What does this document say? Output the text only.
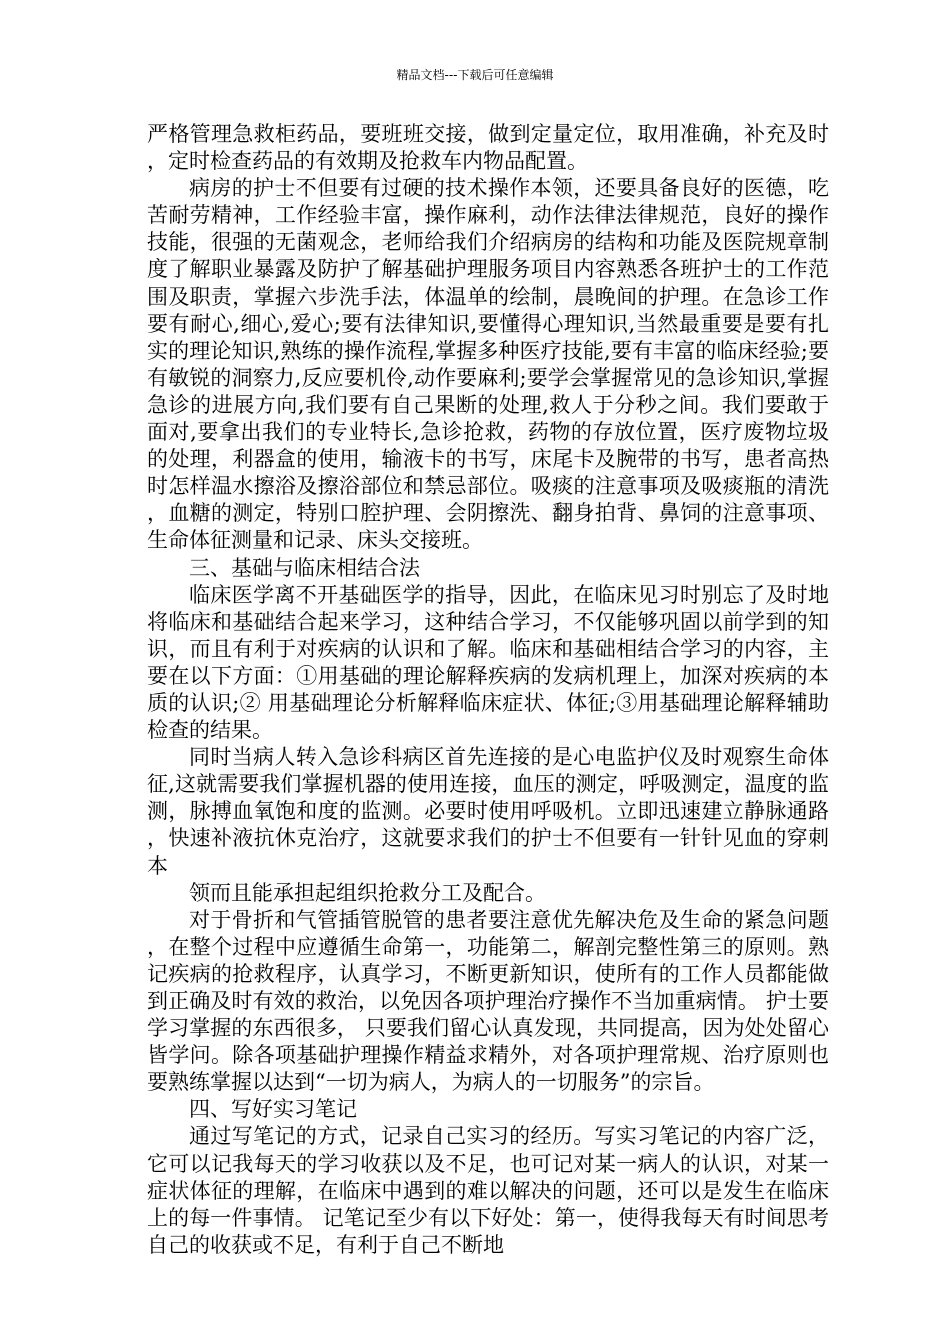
精品文档---下载后可任意编辑

严格管理急救柜药品，要班班交接，做到定量定位，取用准确，补充及时，定时检查药品的有效期及抢救车内物品配置。

病房的护士不但要有过硬的技术操作本领，还要具备良好的医德，吃苦耐劳精神，工作经验丰富，操作麻利，动作法律法律规范，良好的操作技能，很强的无菌观念，老师给我们介绍病房的结构和功能及医院规章制度了解职业暴露及防护了解基础护理服务项目内容熟悉各班护士的工作范围及职责，掌握六步洗手法，体温单的绘制，晨晚间的护理。在急诊工作要有耐心,细心,爱心;要有法律知识,要懂得心理知识,当然最重要是要有扎实的理论知识,熟练的操作流程,掌握多种医疗技能,要有丰富的临床经验;要有敏锐的洞察力,反应要机伶,动作要麻利;要学会掌握常见的急诊知识,掌握急诊的进展方向,我们要有自己果断的处理,救人于分秒之间。我们要敢于面对,要拿出我们的专业特长,急诊抢救，药物的存放位置，医疗废物垃圾的处理，利器盒的使用，输液卡的书写，床尾卡及腕带的书写，患者高热时怎样温水擦浴及擦浴部位和禁忌部位。吸痰的注意事项及吸痰瓶的清洗，血糖的测定，特别口腔护理、会阴擦洗、翻身拍背、鼻饲的注意事项、生命体征测量和记录、床头交接班。

三、基础与临床相结合法

临床医学离不开基础医学的指导，因此，在临床见习时别忘了及时地将临床和基础结合起来学习，这种结合学习，不仅能够巩固以前学到的知识，而且有利于对疾病的认识和了解。临床和基础相结合学习的内容，主要在以下方面：①用基础的理论解释疾病的发病机理上，加深对疾病的本质的认识;② 用基础理论分析解释临床症状、体征;③用基础理论解释辅助检查的结果。

同时当病人转入急诊科病区首先连接的是心电监护仪及时观察生命体征,这就需要我们掌握机器的使用连接，血压的测定，呼吸测定，温度的监测，脉搏血氧饱和度的监测。必要时使用呼吸机。立即迅速建立静脉通路，快速补液抗休克治疗，这就要求我们的护士不但要有一针针见血的穿刺本

领而且能承担起组织抢救分工及配合。

对于骨折和气管插管脱管的患者要注意优先解决危及生命的紧急问题，在整个过程中应遵循生命第一，功能第二，解剖完整性第三的原则。熟记疾病的抢救程序，认真学习，不断更新知识，使所有的工作人员都能做到正确及时有效的救治，以免因各项护理治疗操作不当加重病情。 护士要学习掌握的东西很多， 只要我们留心认真发现，共同提高，因为处处留心皆学问。除各项基础护理操作精益求精外，对各项护理常规、治疗原则也要熟练掌握以达到“一切为病人，为病人的一切服务”的宗旨。

四、写好实习笔记

通过写笔记的方式，记录自己实习的经历。写实习笔记的内容广泛，它可以记我每天的学习收获以及不足，也可记对某一病人的认识，对某一症状体征的理解，在临床中遇到的难以解决的问题，还可以是发生在临床上的每一件事情。 记笔记至少有以下好处：第一，使得我每天有时间思考自己的收获或不足，有利于自己不断地
